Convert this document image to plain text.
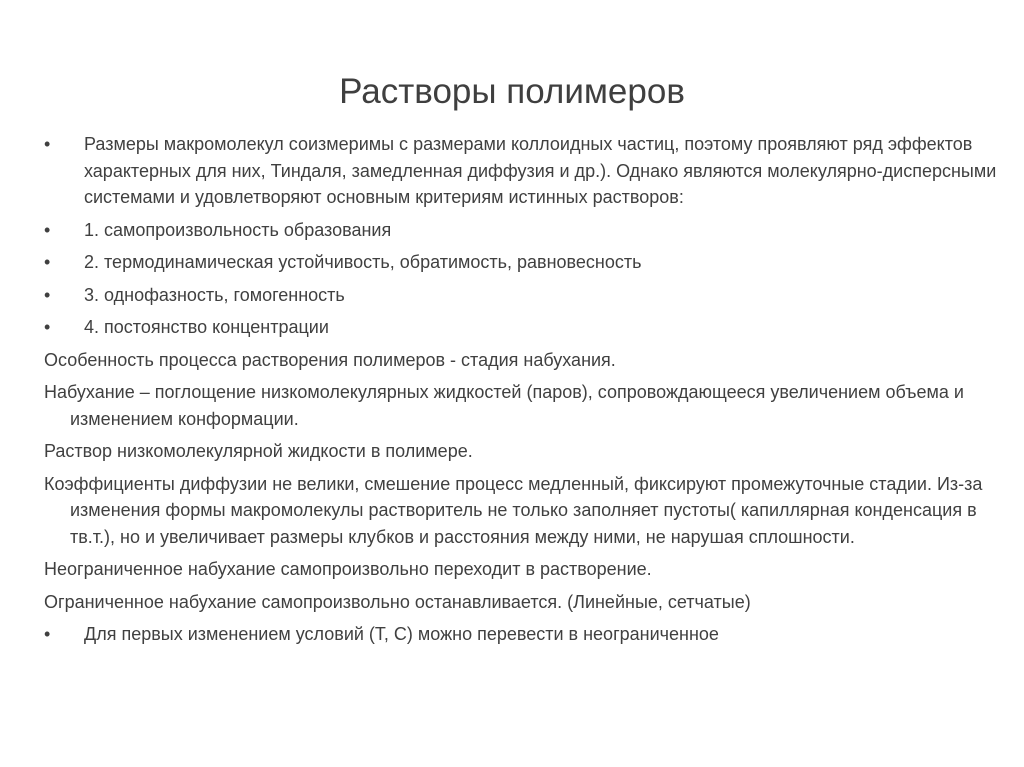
Растворы полимеров
• Размеры макромолекул соизмеримы с размерами коллоидных частиц, поэтому проявляют ряд эффектов характерных для них, Тиндаля, замедленная диффузия и др.). Однако являются молекулярно-дисперсными системами и удовлетворяют основным критериям истинных растворов:
• 1. самопроизвольность образования
• 2. термодинамическая устойчивость, обратимость, равновесность
• 3. однофазность, гомогенность
• 4. постоянство концентрации
Особенность процесса растворения полимеров - стадия набухания.
Набухание – поглощение низкомолекулярных жидкостей (паров), сопровождающееся увеличением объема и изменением конформации.
Раствор низкомолекулярной жидкости в полимере.
Коэффициенты диффузии не велики, смешение процесс медленный, фиксируют промежуточные стадии. Из-за изменения формы макромолекулы растворитель не только заполняет пустоты( капиллярная конденсация в тв.т.), но и увеличивает размеры клубков и расстояния между ними, не нарушая сплошности.
Неограниченное набухание самопроизвольно переходит в растворение.
Ограниченное набухание самопроизвольно останавливается. (Линейные, сетчатые)
• Для первых изменением условий (Т, С) можно перевести в неограниченное
